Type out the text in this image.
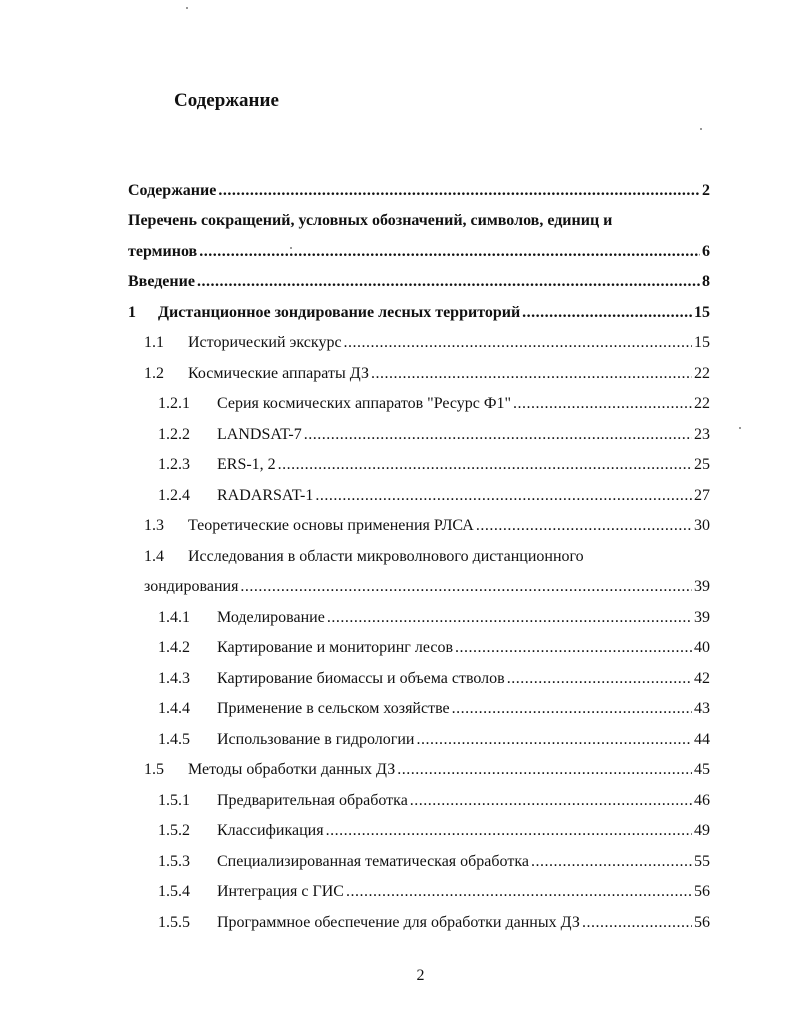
Содержание
Содержание .....	2
Перечень сокращений, условных обозначений, символов, единиц и
терминов .....	6
Введение .....	8
1	Дистанционное зондирование лесных территорий .....	15
1.1	Исторический экскурс .....	15
1.2	Космические аппараты ДЗ .....	22
1.2.1	Серия космических аппаратов "Ресурс Ф1" .....	22
1.2.2	LANDSAT-7 .....	23
1.2.3	ERS-1, 2 .....	25
1.2.4	RADARSAT-1 .....	27
1.3	Теоретические основы применения РЛСА .....	30
1.4	Исследования в области микроволнового дистанционного
зондирования .....	39
1.4.1	Моделирование .....	39
1.4.2	Картирование и мониторинг лесов .....	40
1.4.3	Картирование биомассы и объема стволов .....	42
1.4.4	Применение в сельском хозяйстве .....	43
1.4.5	Использование в гидрологии .....	44
1.5	Методы обработки данных ДЗ .....	45
1.5.1	Предварительная обработка .....	46
1.5.2	Классификация .....	49
1.5.3	Специализированная тематическая обработка .....	55
1.5.4	Интеграция с ГИС .....	56
1.5.5	Программное обеспечение для обработки данных ДЗ .....	56
2
